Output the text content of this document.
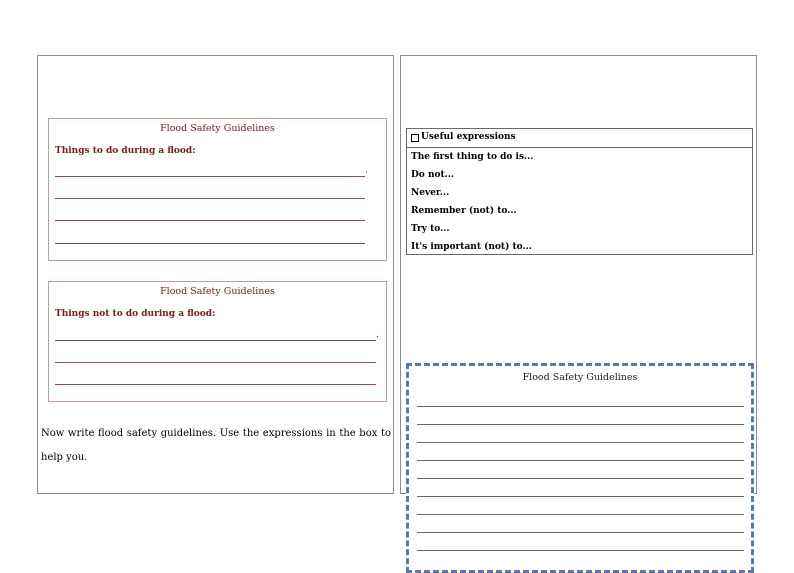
Flood Safety Guidelines
Things to do during a flood:
.
Flood Safety Guidelines
Things not to do during a flood:
.
Now write flood safety guidelines. Use the expressions in the box to help you.
Useful expressions
The first thing to do is...
Do not...
Never...
Remember (not) to...
Try to...
It's important (not) to...
Flood Safety Guidelines
